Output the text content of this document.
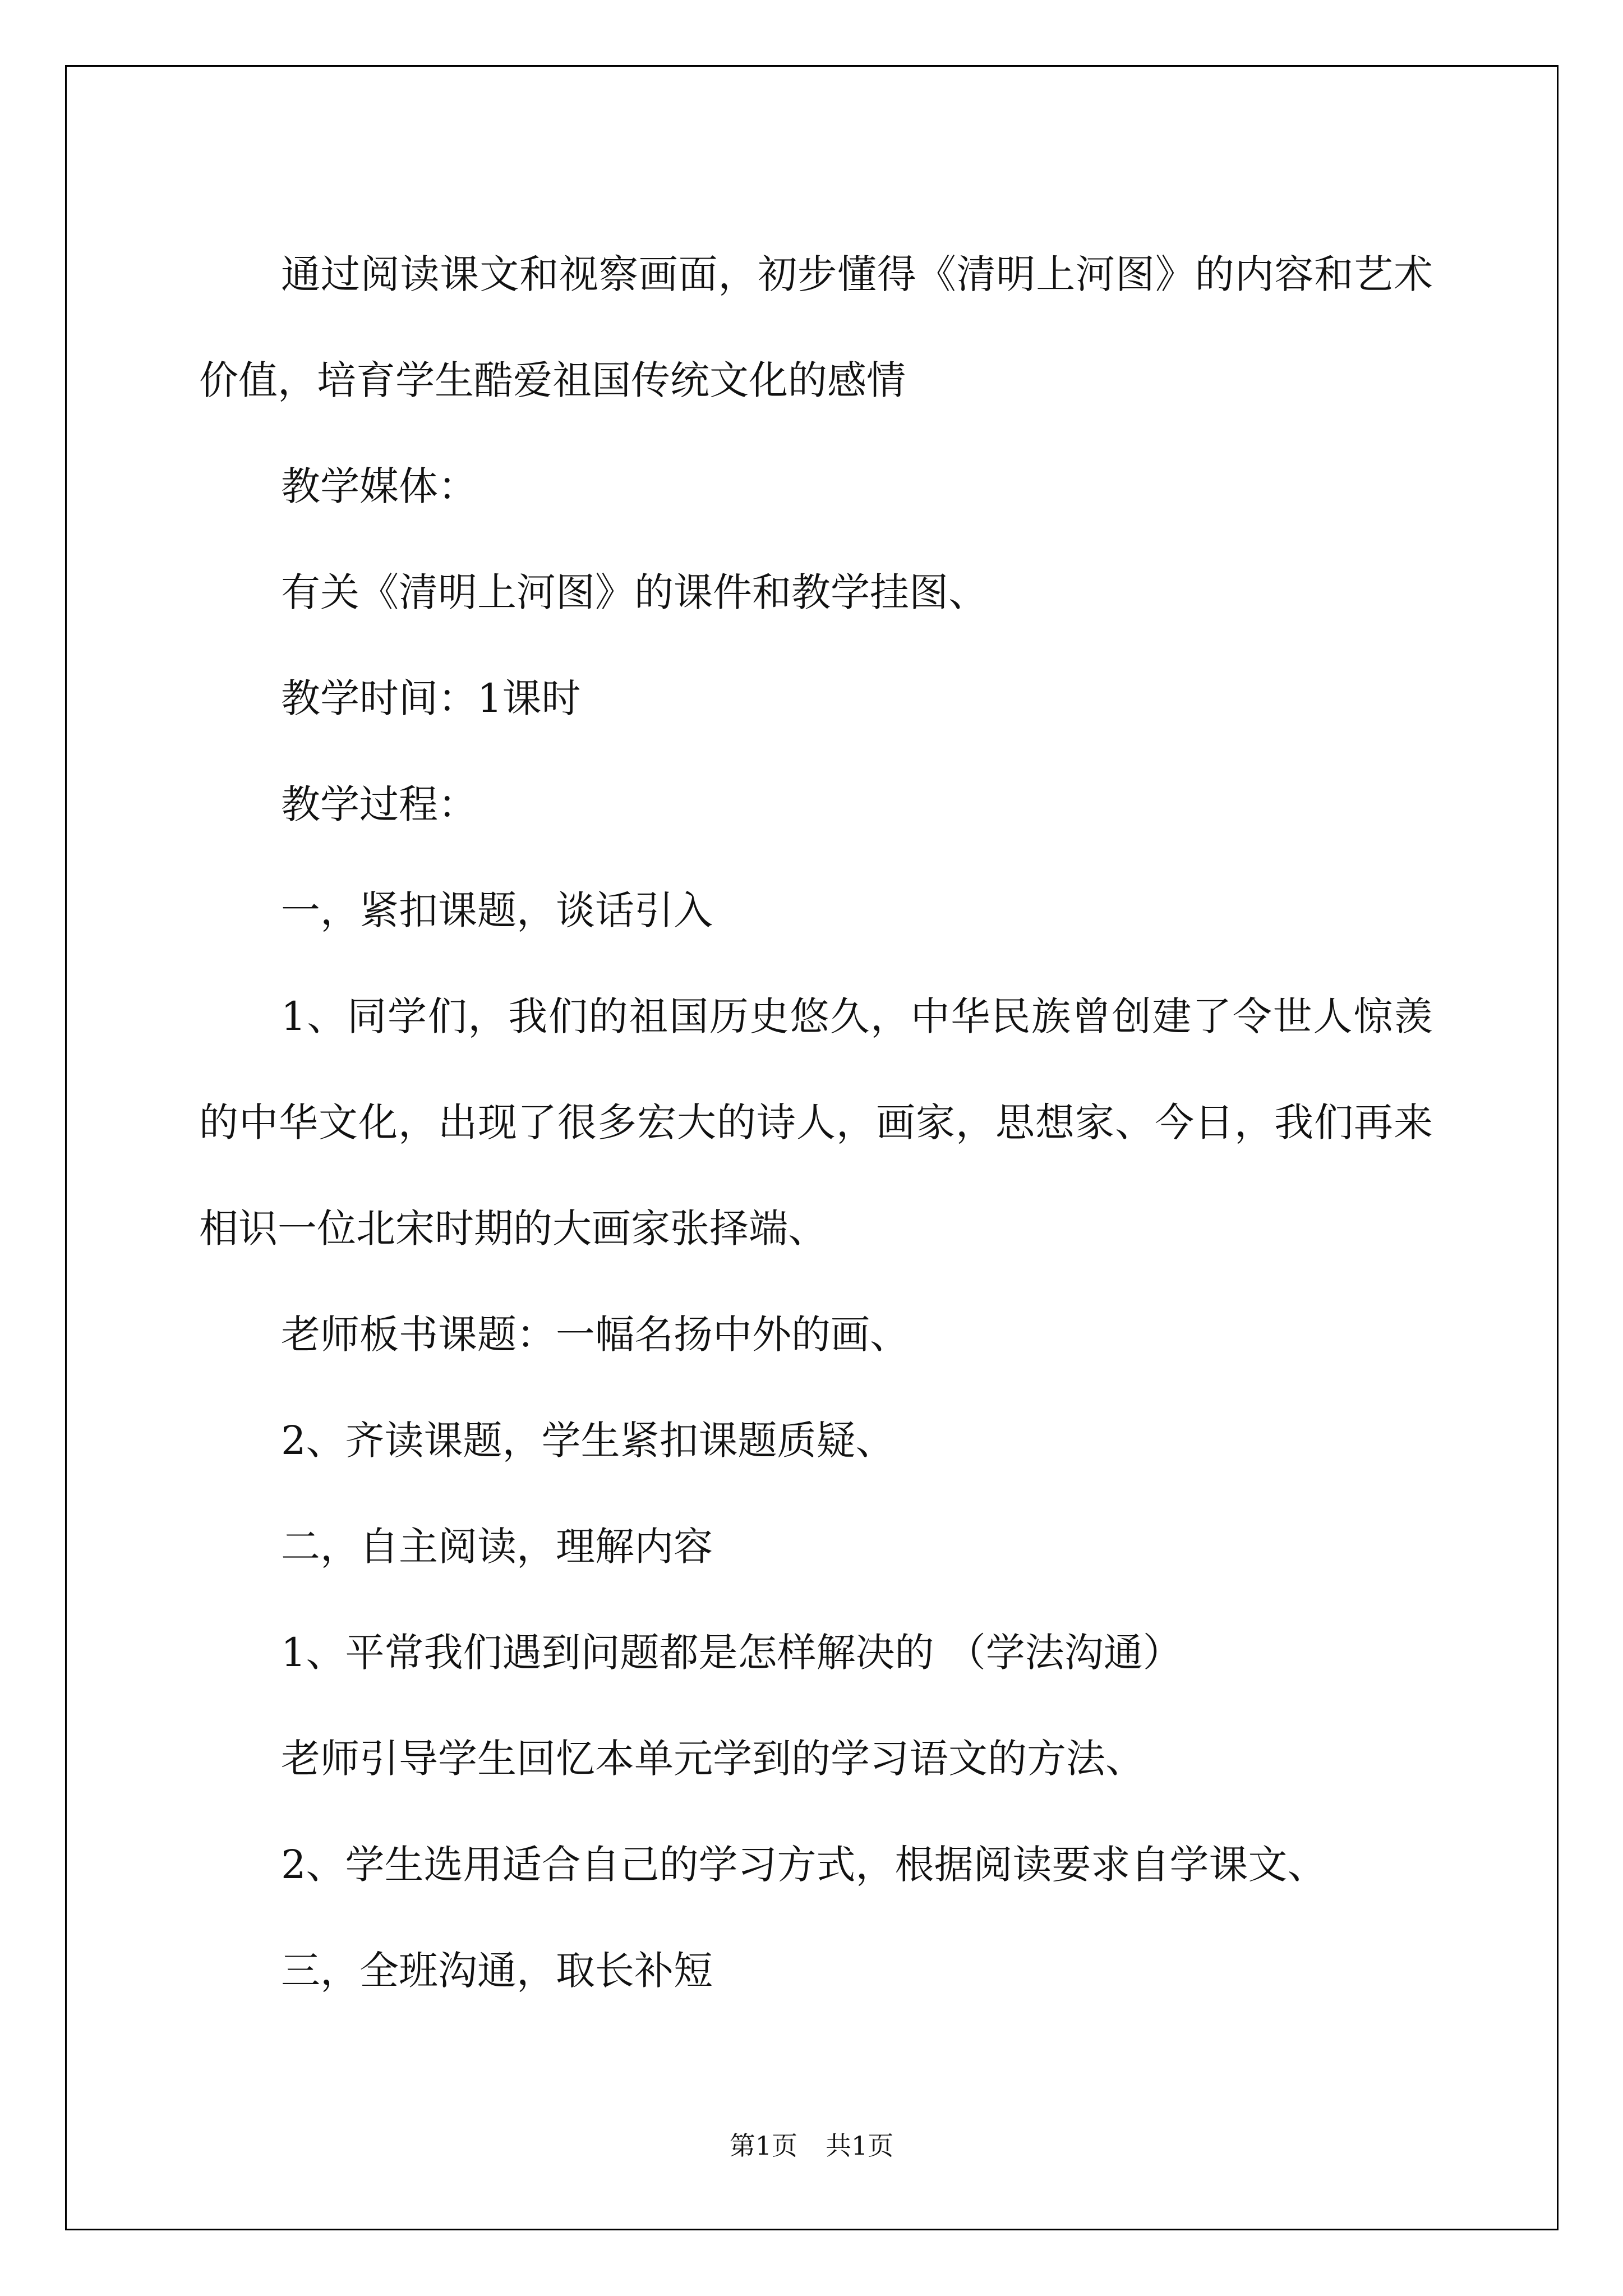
通过阅读课文和视察画面，初步懂得《清明上河图》的内容和艺术价值，培育学生酷爱祖国传统文化的感情

教学媒体：

有关《清明上河图》的课件和教学挂图、

教学时间：1课时

教学过程：

一，紧扣课题，谈话引入

1、同学们，我们的祖国历史悠久，中华民族曾创建了令世人惊羡的中华文化，出现了很多宏大的诗人，画家，思想家、今日，我们再来相识一位北宋时期的大画家张择端、

老师板书课题：一幅名扬中外的画、

2、齐读课题，学生紧扣课题质疑、

二，自主阅读，理解内容

1、平常我们遇到问题都是怎样解决的 （学法沟通）

老师引导学生回忆本单元学到的学习语文的方法、

2、学生选用适合自己的学习方式，根据阅读要求自学课文、

三，全班沟通，取长补短

第1页 共1页
